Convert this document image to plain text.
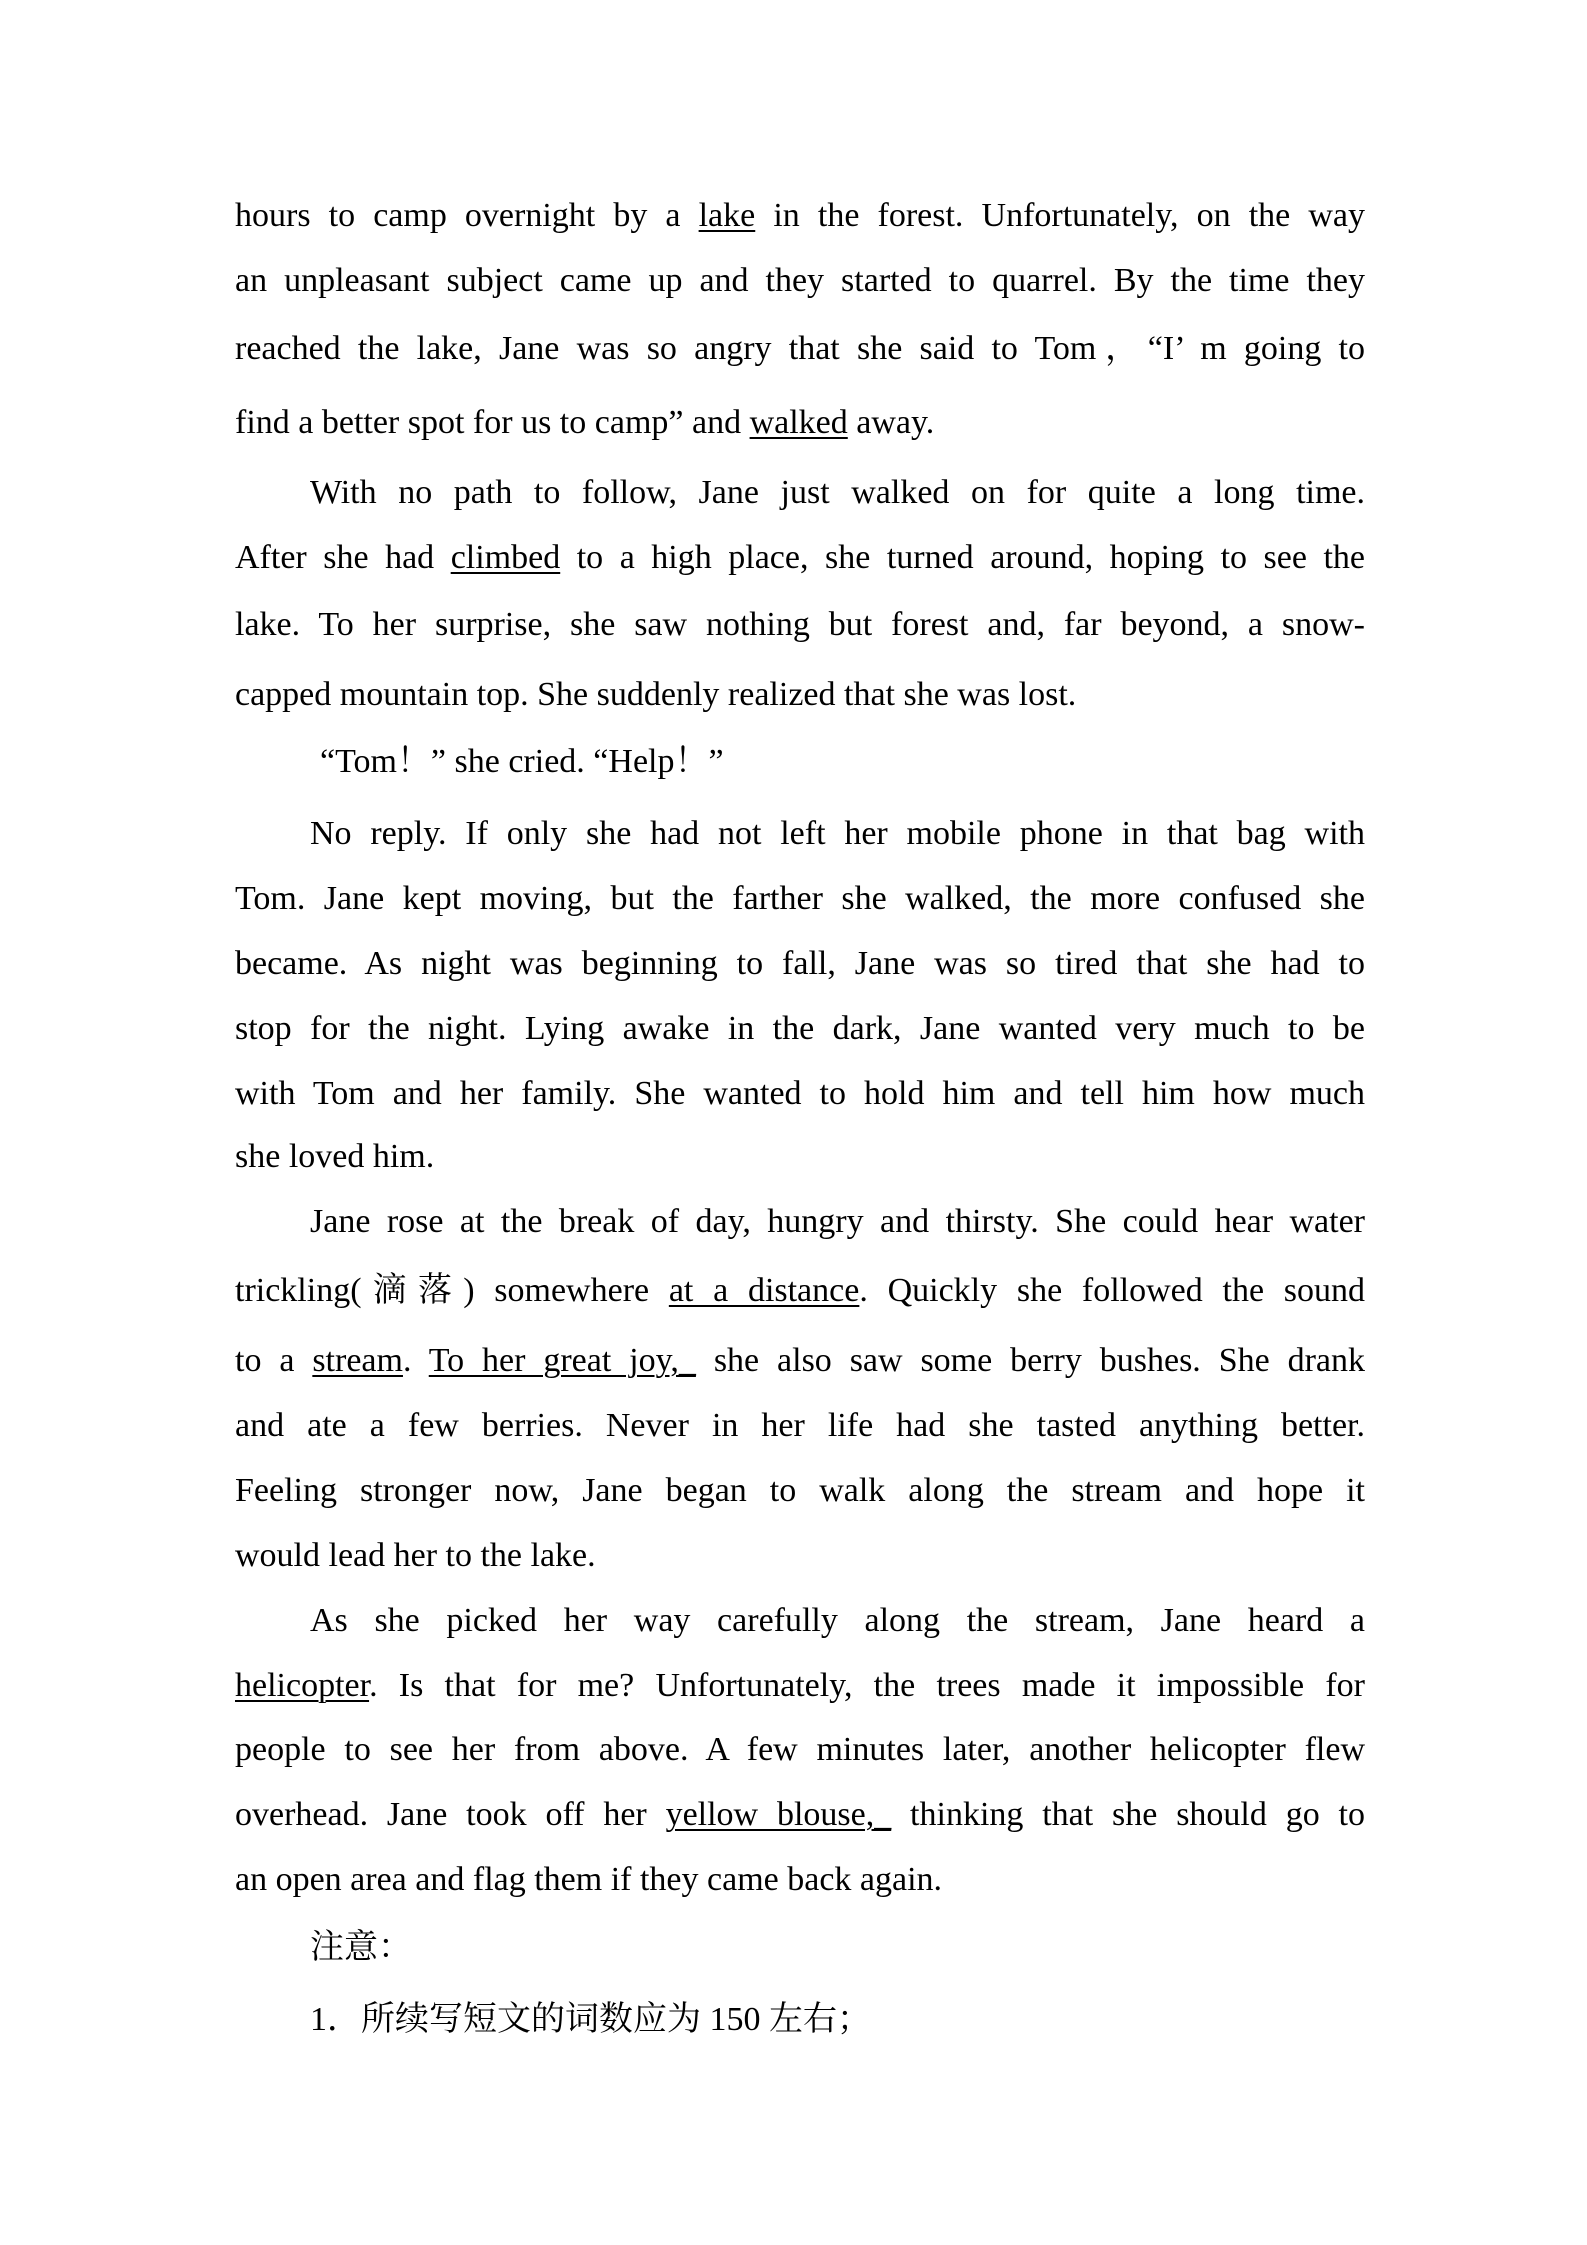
hours to camp overnight by a lake in the forest. Unfortunately, on the way
an unpleasant subject came up and they started to quarrel. By the time they
reached the lake, Jane was so angry that she said to Tom，“I’ m going to
find a better spot for us to camp” and walked away.
With no path to follow, Jane just walked on for quite a long time.
After she had climbed to a high place, she turned around, hoping to see the
lake. To her surprise, she saw nothing but forest and, far beyond, a snow-
capped mountain top. She suddenly realized that she was lost.
“Tom！” she cried. “Help！”
No reply. If only she had not left her mobile phone in that bag with
Tom. Jane kept moving, but the farther she walked, the more confused she
became. As night was beginning to fall, Jane was so tired that she had to
stop for the night. Lying awake in the dark, Jane wanted very much to be
with Tom and her family. She wanted to hold him and tell him how much
she loved him.
Jane rose at the break of day, hungry and thirsty. She could hear water
trickling(滴落) somewhere at a distance. Quickly she followed the sound
to a stream. To her great joy,_ she also saw some berry bushes. She drank
and ate a few berries. Never in her life had she tasted anything better.
Feeling stronger now, Jane began to walk along the stream and hope it
would lead her to the lake.
As she picked her way carefully along the stream, Jane heard a
helicopter. Is that for me? Unfortunately, the trees made it impossible for
people to see her from above. A few minutes later, another helicopter flew
overhead. Jane took off her yellow blouse,_ thinking that she should go to
an open area and flag them if they came back again.
注意：
1．所续写短文的词数应为 150 左右；
